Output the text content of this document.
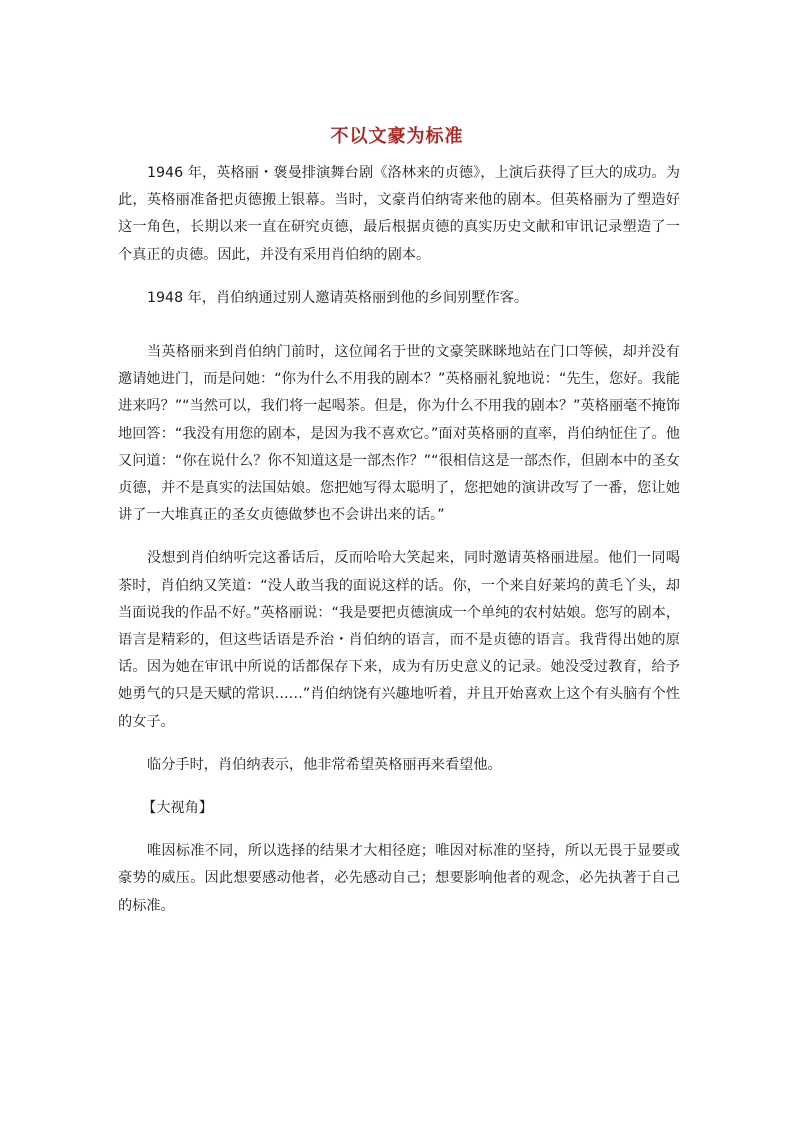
不以文豪为标准

1946 年，英格丽・褒曼排演舞台剧《洛林来的贞德》，上演后获得了巨大的成功。为此，英格丽准备把贞德搬上银幕。当时，文豪肖伯纳寄来他的剧本。但英格丽为了塑造好这一角色，长期以来一直在研究贞德，最后根据贞德的真实历史文献和审讯记录塑造了一个真正的贞德。因此，并没有采用肖伯纳的剧本。

1948 年，肖伯纳通过别人邀请英格丽到他的乡间别墅作客。

当英格丽来到肖伯纳门前时，这位闻名于世的文豪笑眯眯地站在门口等候，却并没有邀请她进门，而是问她：“你为什么不用我的剧本？”英格丽礼貌地说：“先生，您好。我能进来吗？”“当然可以，我们将一起喝茶。但是，你为什么不用我的剧本？”英格丽毫不掩饰地回答：“我没有用您的剧本，是因为我不喜欢它。”面对英格丽的直率，肖伯纳怔住了。他又问道：“你在说什么？你不知道这是一部杰作？”“很相信这是一部杰作，但剧本中的圣女贞德，并不是真实的法国姑娘。您把她写得太聪明了，您把她的演讲改写了一番，您让她讲了一大堆真正的圣女贞德做梦也不会讲出来的话。”

没想到肖伯纳听完这番话后，反而哈哈大笑起来，同时邀请英格丽进屋。他们一同喝茶时，肖伯纳又笑道：“没人敢当我的面说这样的话。你，一个来自好莱坞的黄毛丫头，却当面说我的作品不好。”英格丽说：“我是要把贞德演成一个单纯的农村姑娘。您写的剧本，语言是精彩的，但这些话语是乔治・肖伯纳的语言，而不是贞德的语言。我背得出她的原话。因为她在审讯中所说的话都保存下来，成为有历史意义的记录。她没受过教育，给予她勇气的只是天赋的常识……”肖伯纳饶有兴趣地听着，并且开始喜欢上这个有头脑有个性的女子。

临分手时，肖伯纳表示，他非常希望英格丽再来看望他。

【大视角】

唯因标准不同，所以选择的结果才大相径庭；唯因对标准的坚持，所以无畏于显要或豪势的威压。因此想要感动他者，必先感动自己；想要影响他者的观念，必先执著于自己的标准。
